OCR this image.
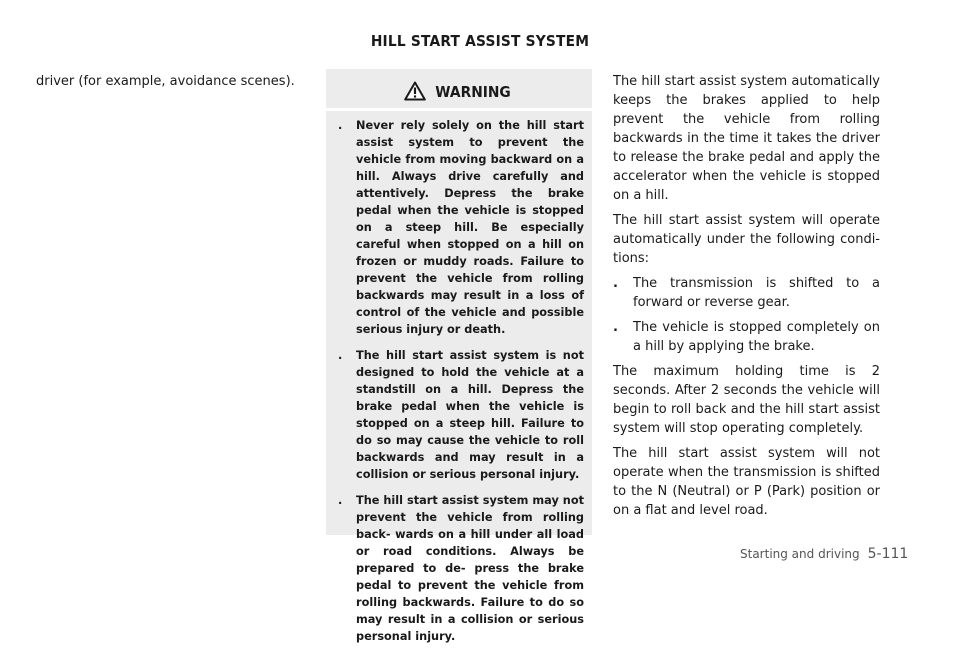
HILL START ASSIST SYSTEM
driver (for example, avoidance scenes).
WARNING
. Never rely solely on the hill start assist system to prevent the vehicle from moving backward on a hill. Always drive carefully and attentively. Depress the brake pedal when the vehicle is stopped on a steep hill. Be especially careful when stopped on a hill on frozen or muddy roads. Failure to prevent the vehicle from rolling backwards may result in a loss of control of the vehicle and possible serious injury or death.
. The hill start assist system is not designed to hold the vehicle at a standstill on a hill. Depress the brake pedal when the vehicle is stopped on a steep hill. Failure to do so may cause the vehicle to roll backwards and may result in a collision or serious personal injury.
. The hill start assist system may not prevent the vehicle from rolling back- wards on a hill under all load or road conditions. Always be prepared to de- press the brake pedal to prevent the vehicle from rolling backwards. Failure to do so may result in a collision or serious personal injury.

The hill start assist system automatically keeps the brakes applied to help prevent the vehicle from rolling backwards in the time it takes the driver to release the brake pedal and apply the accelerator when the vehicle is stopped on a hill.

The hill start assist system will operate automatically under the following condi- tions:

. The transmission is shifted to a forward or reverse gear.
. The vehicle is stopped completely on a hill by applying the brake.

The maximum holding time is 2 seconds. After 2 seconds the vehicle will begin to roll back and the hill start assist system will stop operating completely.

The hill start assist system will not operate when the transmission is shifted to the N (Neutral) or P (Park) position or on a flat and level road.

Starting and driving 5-111
